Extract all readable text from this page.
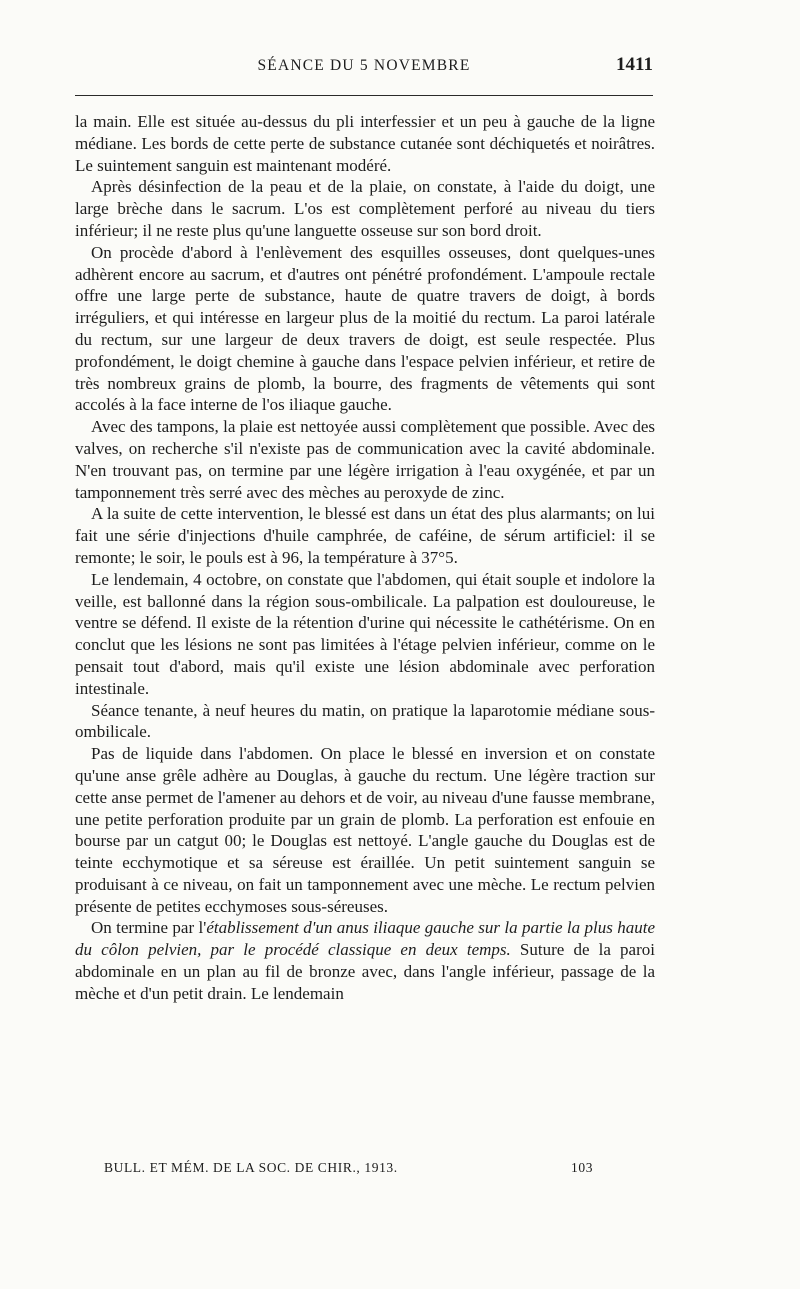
SÉANCE DU 5 NOVEMBRE	1411

la main. Elle est située au-dessus du pli interfessier et un peu à gauche de la ligne médiane. Les bords de cette perte de substance cutanée sont déchiquetés et noirâtres. Le suintement sanguin est maintenant modéré.

Après désinfection de la peau et de la plaie, on constate, à l'aide du doigt, une large brèche dans le sacrum. L'os est complètement perforé au niveau du tiers inférieur; il ne reste plus qu'une languette osseuse sur son bord droit.

On procède d'abord à l'enlèvement des esquilles osseuses, dont quelques-unes adhèrent encore au sacrum, et d'autres ont pénétré profondément. L'ampoule rectale offre une large perte de substance, haute de quatre travers de doigt, à bords irréguliers, et qui intéresse en largeur plus de la moitié du rectum. La paroi latérale du rectum, sur une largeur de deux travers de doigt, est seule respectée. Plus profondément, le doigt chemine à gauche dans l'espace pelvien inférieur, et retire de très nombreux grains de plomb, la bourre, des fragments de vêtements qui sont accolés à la face interne de l'os iliaque gauche.

Avec des tampons, la plaie est nettoyée aussi complètement que possible. Avec des valves, on recherche s'il n'existe pas de communication avec la cavité abdominale. N'en trouvant pas, on termine par une légère irrigation à l'eau oxygénée, et par un tamponnement très serré avec des mèches au peroxyde de zinc.

A la suite de cette intervention, le blessé est dans un état des plus alarmants; on lui fait une série d'injections d'huile camphrée, de caféine, de sérum artificiel: il se remonte; le soir, le pouls est à 96, la température à 37°5.

Le lendemain, 4 octobre, on constate que l'abdomen, qui était souple et indolore la veille, est ballonné dans la région sous-ombilicale. La palpation est douloureuse, le ventre se défend. Il existe de la rétention d'urine qui nécessite le cathétérisme. On en conclut que les lésions ne sont pas limitées à l'étage pelvien inférieur, comme on le pensait tout d'abord, mais qu'il existe une lésion abdominale avec perforation intestinale.

Séance tenante, à neuf heures du matin, on pratique la laparotomie médiane sous-ombilicale.

Pas de liquide dans l'abdomen. On place le blessé en inversion et on constate qu'une anse grêle adhère au Douglas, à gauche du rectum. Une légère traction sur cette anse permet de l'amener au dehors et de voir, au niveau d'une fausse membrane, une petite perforation produite par un grain de plomb. La perforation est enfouie en bourse par un catgut 00; le Douglas est nettoyé. L'angle gauche du Douglas est de teinte ecchymotique et sa séreuse est éraillée. Un petit suintement sanguin se produisant à ce niveau, on fait un tamponnement avec une mèche. Le rectum pelvien présente de petites ecchymoses sous-séreuses.

On termine par l'établissement d'un anus iliaque gauche sur la partie la plus haute du côlon pelvien, par le procédé classique en deux temps. Suture de la paroi abdominale en un plan au fil de bronze avec, dans l'angle inférieur, passage de la mèche et d'un petit drain. Le lendemain

BULL. ET MÉM. DE LA SOC. DE CHIR., 1913.	103
